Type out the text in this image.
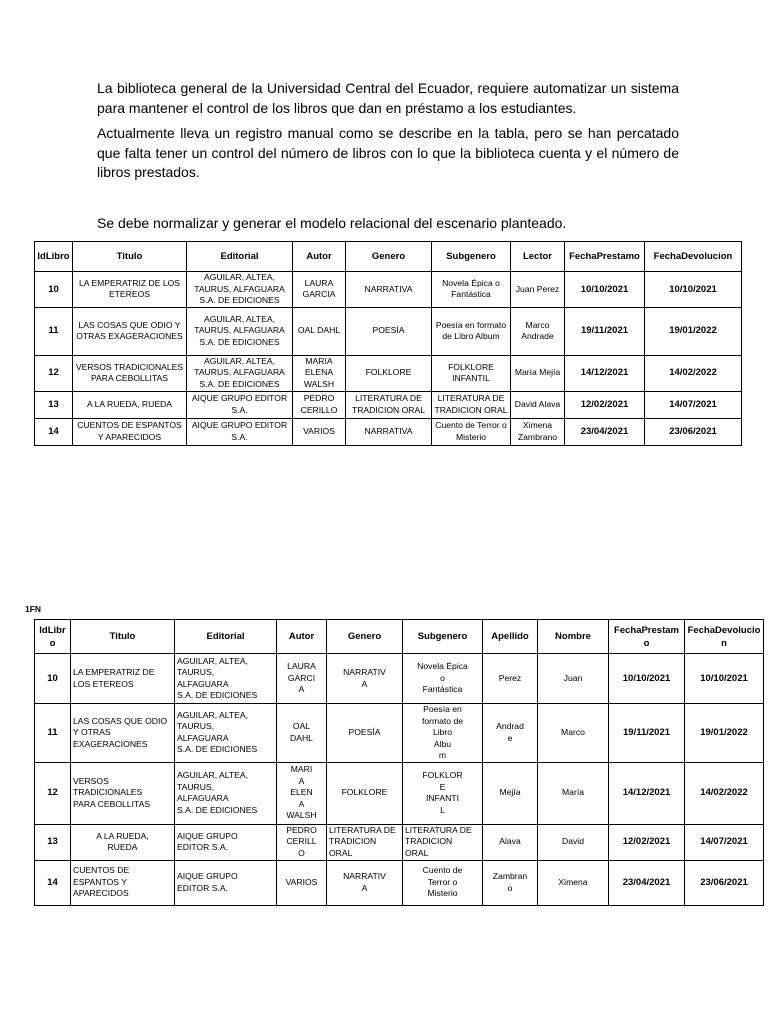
La biblioteca general de la Universidad Central del Ecuador, requiere automatizar un sistema para mantener el control de los libros que dan en préstamo a los estudiantes.

Actualmente lleva un registro manual como se describe en la tabla, pero se han percatado que falta tener un control del número de libros con lo que la biblioteca cuenta y el número de libros prestados.

Se debe normalizar y generar el modelo relacional del escenario planteado.

IdLibro	Titulo	Editorial	Autor	Genero	Subgenero	Lector	FechaPrestamo	FechaDevolucion
10	LA EMPERATRIZ DE LOS ETEREOS	AGUILAR, ALTEA, TAURUS, ALFAGUARA S.A. DE EDICIONES	LAURA GARCIA	NARRATIVA	Novela Épica o Fantástica	Juan Perez	10/10/2021	10/10/2021
11	LAS COSAS QUE ODIO Y OTRAS EXAGERACIONES	AGUILAR, ALTEA, TAURUS, ALFAGUARA S.A. DE EDICIONES	OAL DAHL	POESÍA	Poesía en formato de Libro Album	Marco Andrade	19/11/2021	19/01/2022
12	VERSOS TRADICIONALES PARA CEBOLLITAS	AGUILAR, ALTEA, TAURUS, ALFAGUARA S.A. DE EDICIONES	MARIA ELENA WALSH	FOLKLORE	FOLKLORE INFANTIL	María Mejía	14/12/2021	14/02/2022
13	A LA RUEDA, RUEDA	AIQUE GRUPO EDITOR S.A.	PEDRO CERILLO	LITERATURA DE TRADICION ORAL	LITERATURA DE TRADICION ORAL	David Alava	12/02/2021	14/07/2021
14	CUENTOS DE ESPANTOS Y APARECIDOS	AIQUE GRUPO EDITOR S.A.	VARIOS	NARRATIVA	Cuento de Terror o Misterio	Ximena Zambrano	23/04/2021	23/06/2021
1FN
IdLibro	Titulo	Editorial	Autor	Genero	Subgenero	Apellido	Nombre	FechaPrestam
o	FechaDevolucio
n
10	LA EMPERATRIZ DE
LOS ETEREOS	AGUILAR, ALTEA,
TAURUS,
ALFAGUARA
S.A. DE EDICIONES	LAURA
GARCI
A	NARRATIV
A	Novela Épica
o
Fantástica	Perez	Juan	10/10/2021	10/10/2021
11	LAS COSAS QUE ODIO
Y OTRAS
EXAGERACIONES	AGUILAR, ALTEA,
TAURUS,
ALFAGUARA
S.A. DE EDICIONES	OAL
DAHL	POESÍA	Poesía en
formato de
Libro
Albu
m	Andrad
e	Marco	19/11/2021	19/01/2022
12	VERSOS
TRADICIONALES
PARA CEBOLLITAS	AGUILAR, ALTEA,
TAURUS,
ALFAGUARA
S.A. DE EDICIONES	MARI
A
ELEN
A
WALSH	FOLKLORE	FOLKLOR
E
INFANTI
L	Mejía	María	14/12/2021	14/02/2022
13	A LA RUEDA,
RUEDA	AIQUE GRUPO
EDITOR S.A.	PEDRO
CERILL
O	LITERATURA DE
TRADICION
ORAL	LITERATURA DE
TRADICION
ORAL	Alava	David	12/02/2021	14/07/2021
14	CUENTOS DE
ESPANTOS Y
APARECIDOS	AIQUE GRUPO
EDITOR S.A.	VARIOS	NARRATIV
A	Cuento de
Terror o
Misterio	Zambran
o	Ximena	23/04/2021	23/06/2021
